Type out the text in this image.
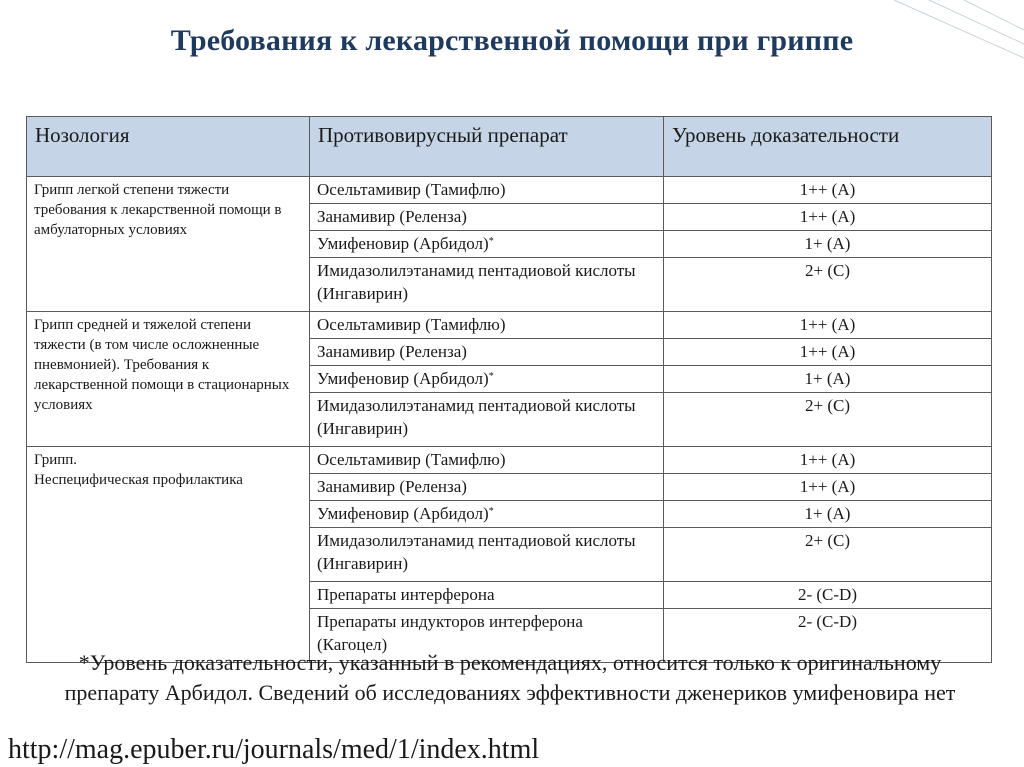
Требования к лекарственной помощи при гриппе
Нозология	Противовирусный препарат	Уровень доказательности
Грипп легкой степени тяжести требования к лекарственной помощи в амбулаторных условиях	Осельтамивир (Тамифлю)	1++ (А)
	Занамивир (Реленза)	1++ (А)
	Умифеновир (Арбидол)*	1+ (А)
	Имидазолилэтанамид пентадиовой кислоты (Ингавирин)	2+ (С)
Грипп средней и тяжелой степени тяжести (в том числе осложненные пневмонией). Требования к лекарственной помощи в стационарных условиях	Осельтамивир (Тамифлю)	1++ (А)
	Занамивир (Реленза)	1++ (А)
	Умифеновир (Арбидол)*	1+ (А)
	Имидазолилэтанамид пентадиовой кислоты (Ингавирин)	2+ (С)
Грипп.
Неспецифическая профилактика	Осельтамивир (Тамифлю)	1++ (А)
	Занамивир (Реленза)	1++ (А)
	Умифеновир (Арбидол)*	1+ (А)
	Имидазолилэтанамид пентадиовой кислоты (Ингавирин)	2+ (С)
	Препараты интерферона	2- (С-D)
	Препараты индукторов интерферона (Кагоцел)	2- (С-D)
*Уровень доказательности, указанный в рекомендациях, относится только к оригинальному препарату Арбидол. Сведений об исследованиях эффективности дженериков умифеновира нет
http://mag.epuber.ru/journals/med/1/index.html
